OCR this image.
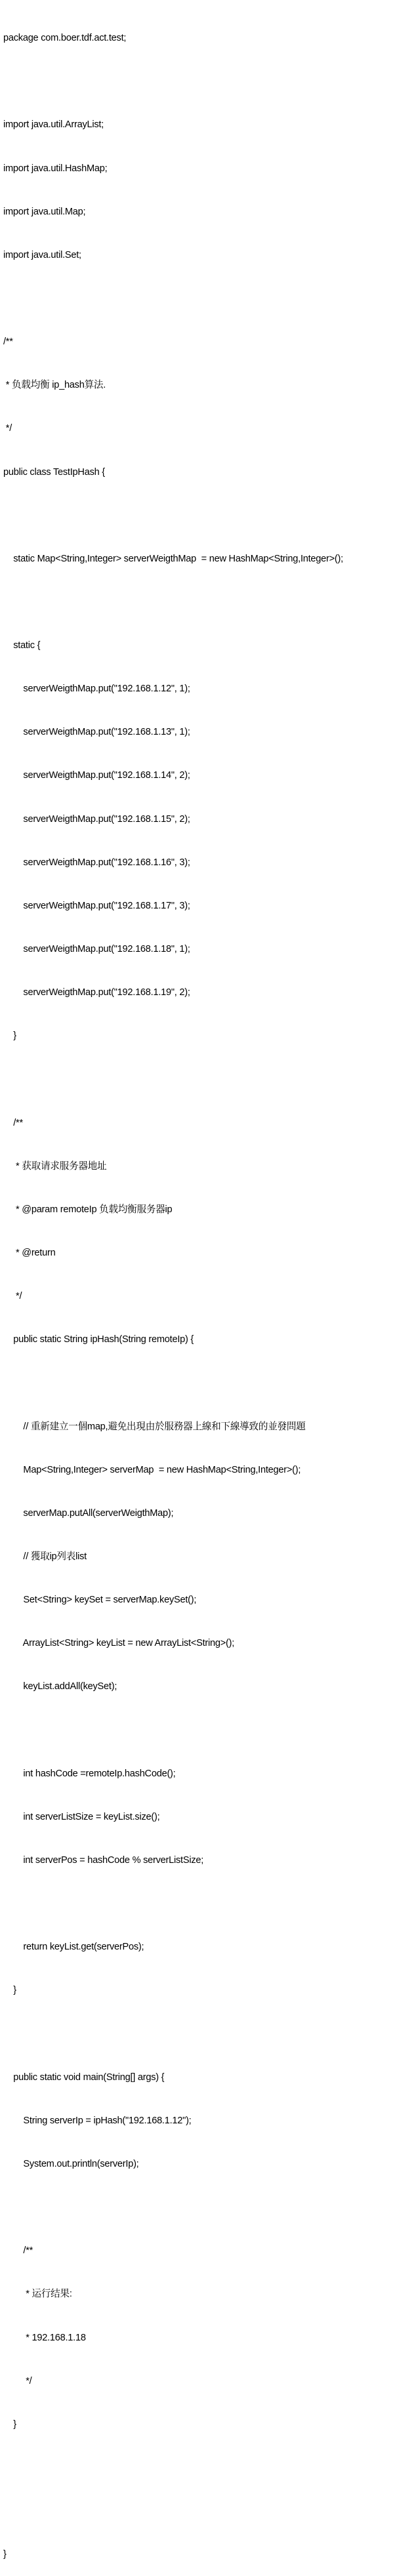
package com.boer.tdf.act.test;

import java.util.ArrayList;

import java.util.HashMap;

import java.util.Map;

import java.util.Set;

/**

* 负载均衡 ip_hash算法.

*/

public class TestIpHash {

static Map<String,Integer> serverWeigthMap  = new HashMap<String,Integer>();

static {

serverWeigthMap.put("192.168.1.12", 1);

serverWeigthMap.put("192.168.1.13", 1);

serverWeigthMap.put("192.168.1.14", 2);

serverWeigthMap.put("192.168.1.15", 2);

serverWeigthMap.put("192.168.1.16", 3);

serverWeigthMap.put("192.168.1.17", 3);

serverWeigthMap.put("192.168.1.18", 1);

serverWeigthMap.put("192.168.1.19", 2);

}

/**

* 获取请求服务器地址

* @param remoteIp 负载均衡服务器ip

* @return

*/

public static String ipHash(String remoteIp) {

// 重新建立一個map,避免出現由於服務器上線和下線導致的並發問題

Map<String,Integer> serverMap  = new HashMap<String,Integer>();

serverMap.putAll(serverWeigthMap);

// 獲取ip列表list

Set<String> keySet = serverMap.keySet();

ArrayList<String> keyList = new ArrayList<String>();

keyList.addAll(keySet);

int hashCode =remoteIp.hashCode();

int serverListSize = keyList.size();

int serverPos = hashCode % serverListSize;

return keyList.get(serverPos);

}

public static void main(String[] args) {

String serverIp = ipHash("192.168.1.12");

System.out.println(serverIp);

/**

* 运行结果:

* 192.168.1.18

*/

}

}
